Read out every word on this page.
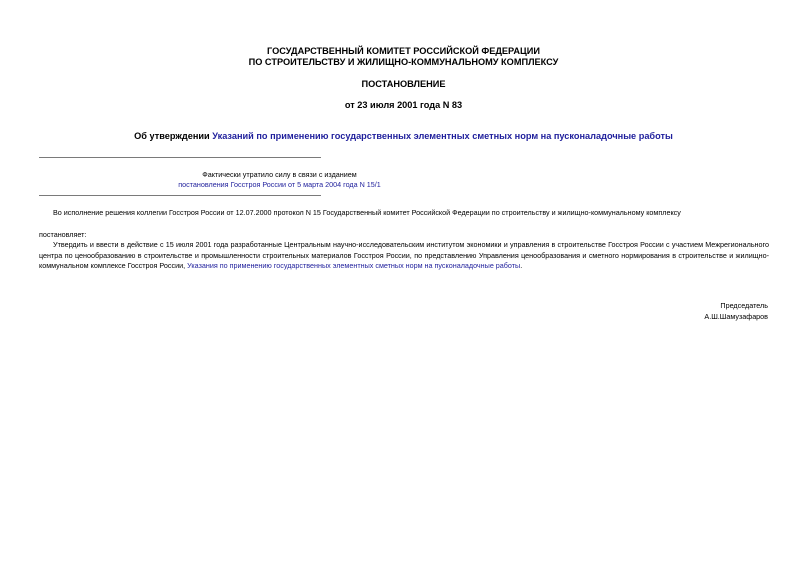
ГОСУДАРСТВЕННЫЙ КОМИТЕТ РОССИЙСКОЙ ФЕДЕРАЦИИ
ПО СТРОИТЕЛЬСТВУ И ЖИЛИЩНО-КОММУНАЛЬНОМУ КОМПЛЕКСУ
ПОСТАНОВЛЕНИЕ
от 23 июля 2001 года N 83
Об утверждении Указаний по применению государственных элементных сметных норм на пусконаладочные работы
Фактически утратило силу в связи с изданием
постановления Госстроя России от 5 марта 2004 года N 15/1
Во исполнение решения коллегии Госстроя России от 12.07.2000 протокол N 15 Государственный комитет Российской Федерации по строительству и жилищно-коммунальному комплексу
постановляет:
Утвердить и ввести в действие с 15 июля 2001 года разработанные Центральным научно-исследовательским институтом экономики и управления в строительстве Госстроя России с участием Межрегионального центра по ценообразованию в строительстве и промышленности строительных материалов Госстроя России, по представлению Управления ценообразования и сметного нормирования в строительстве и жилищно-коммунальном комплексе Госстроя России, Указания по применению государственных элементных сметных норм на пусконаладочные работы.
Председатель
А.Ш.Шамузафаров
